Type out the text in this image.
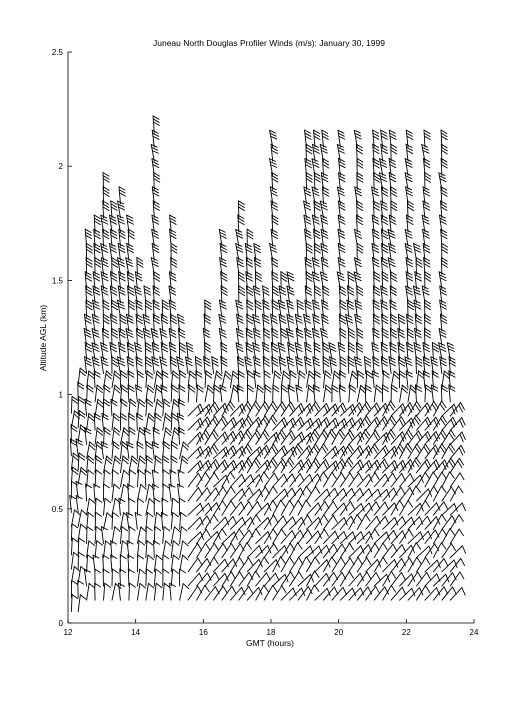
Juneau North Douglas Profiler Winds (m/s): January 30, 1999
12	14	16	18	20	22	24
0
0.5
1
1.5
2
2.5
GMT (hours)
Altitude AGL (km)
